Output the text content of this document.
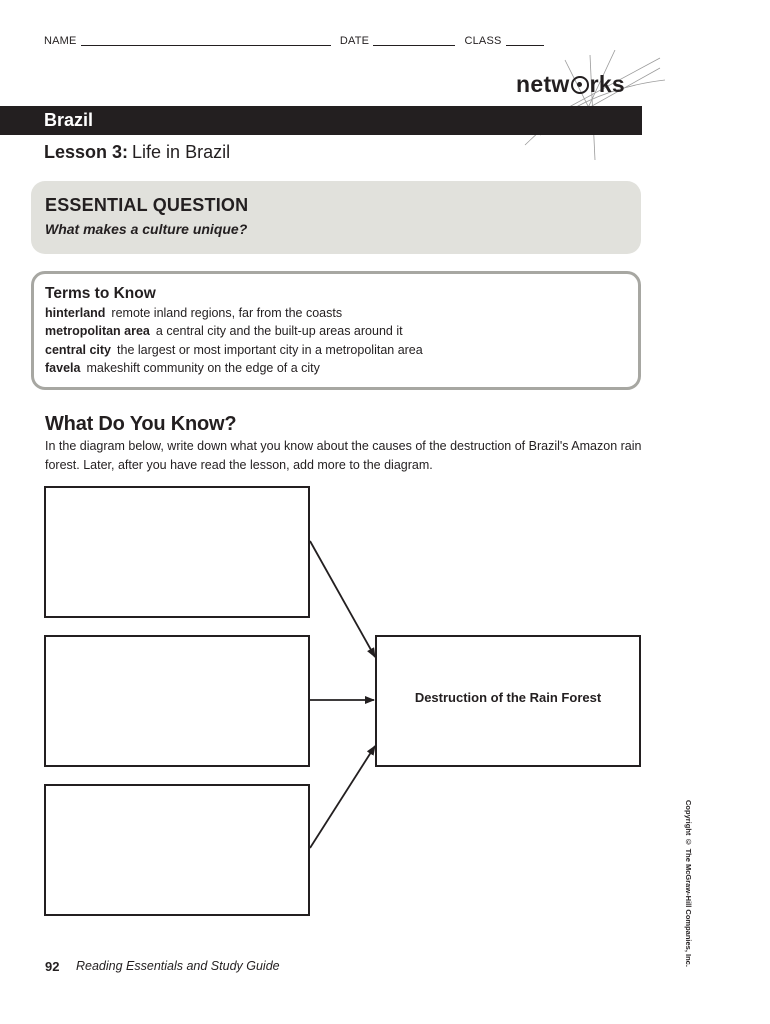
NAME	DATE	CLASS
netw rks
Brazil
Lesson 3: Life in Brazil
ESSENTIAL QUESTION
What makes a culture unique?
Terms to Know
hinterland remote inland regions, far from the coasts
metropolitan area a central city and the built-up areas around it
central city the largest or most important city in a metropolitan area
favela makeshift community on the edge of a city
What Do You Know?
In the diagram below, write down what you know about the causes of the destruction of Brazil's Amazon rain forest. Later, after you have read the lesson, add more to the diagram.
Destruction of the Rain Forest
Copyright © The McGraw-Hill Companies, Inc.
92 Reading Essentials and Study Guide
